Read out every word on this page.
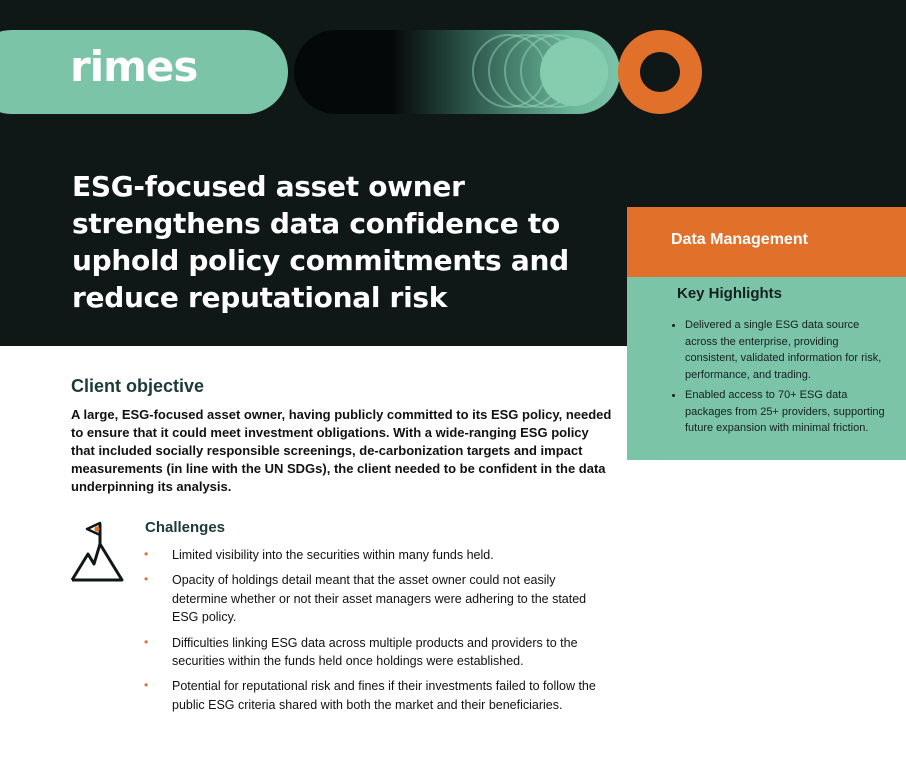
rimes
ESG-focused asset owner strengthens data confidence to uphold policy commitments and reduce reputational risk
Data Management
Key Highlights
Delivered a single ESG data source across the enterprise, providing consistent, validated information for risk, performance, and trading.
Enabled access to 70+ ESG data packages from 25+ providers, supporting future expansion with minimal friction.
Client objective

A large, ESG-focused asset owner, having publicly committed to its ESG policy, needed to ensure that it could meet investment obligations. With a wide-ranging ESG policy that included socially responsible screenings, de-carbonization targets and impact measurements (in line with the UN SDGs), the client needed to be confident in the data underpinning its analysis.

Challenges
• Limited visibility into the securities within many funds held.
• Opacity of holdings detail meant that the asset owner could not easily determine whether or not their asset managers were adhering to the stated ESG policy.
• Difficulties linking ESG data across multiple products and providers to the securities within the funds held once holdings were established.
• Potential for reputational risk and fines if their investments failed to follow the public ESG criteria shared with both the market and their beneficiaries.
